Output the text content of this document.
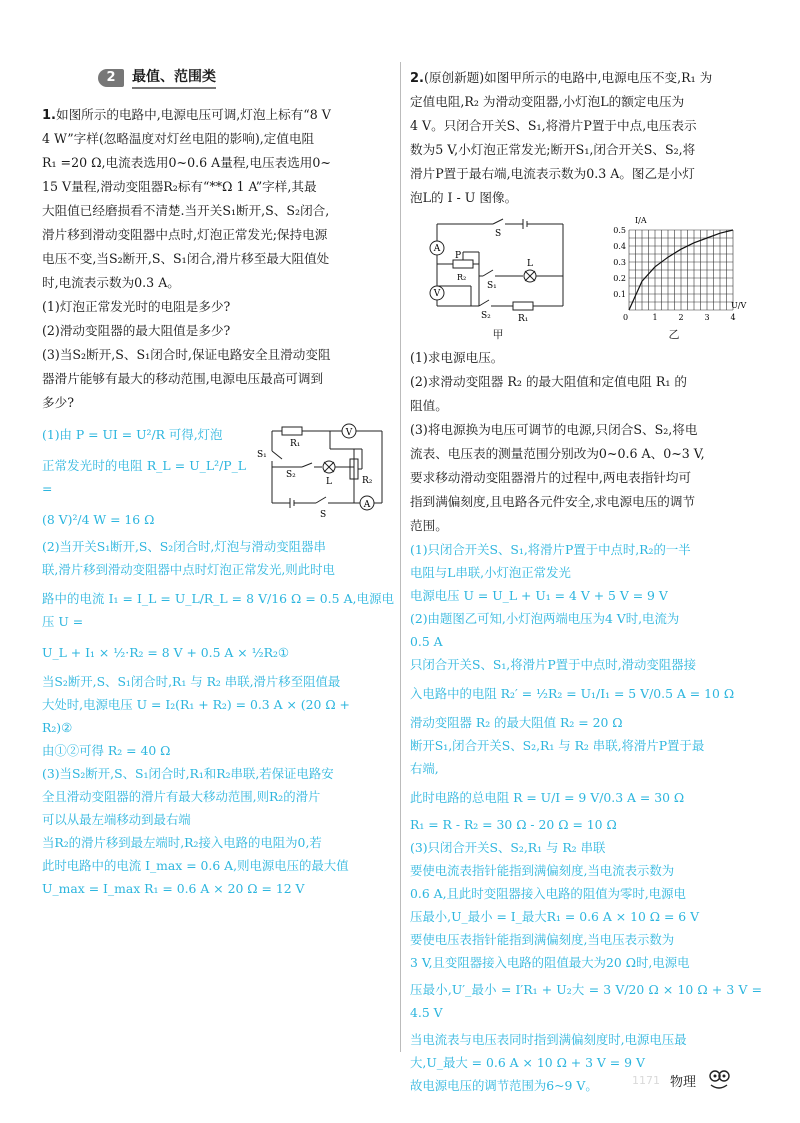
2	最值、范围类

1.如图所示的电路中,电源电压可调,灯泡上标有“8 V

4 W”字样(忽略温度对灯丝电阻的影响),定值电阻

R₁ =20 Ω,电流表选用0~0.6 A量程,电压表选用0~

15 V量程,滑动变阻器R₂标有“**Ω 1 A”字样,其最

大阻值已经磨损看不清楚.当开关S₁断开,S、S₂闭合,

滑片移到滑动变阻器中点时,灯泡正常发光;保持电源

电压不变,当S₂断开,S、S₁闭合,滑片移至最大阻值处

时,电流表示数为0.3 A。

(1)灯泡正常发光时的电阻是多少?

(2)滑动变阻器的最大阻值是多少?

(3)当S₂断开,S、S₁闭合时,保证电路安全且滑动变阻

器滑片能够有最大的移动范围,电源电压最高可调到

多少?

V
A
R₁
S₁
S₂
L	R₂
S

(1)由 P = UI = U²/R 可得,灯泡

正常发光时的电阻 R_L = U_L²/P_L =

(8 V)²/4 W = 16 Ω

(2)当开关S₁断开,S、S₂闭合时,灯泡与滑动变阻器串

联,滑片移到滑动变阻器中点时灯泡正常发光,则此时电

路中的电流 I₁ = I_L = U_L/R_L = 8 V/16 Ω = 0.5 A,电源电压 U =

U_L + I₁ × ½·R₂ = 8 V + 0.5 A × ½R₂①

当S₂断开,S、S₁闭合时,R₁ 与 R₂ 串联,滑片移至阻值最

大处时,电源电压 U = I₂(R₁ + R₂) = 0.3 A × (20 Ω +

R₂)②

由①②可得 R₂ = 40 Ω

(3)当S₂断开,S、S₁闭合时,R₁和R₂串联,若保证电路安

全且滑动变阻器的滑片有最大移动范围,则R₂的滑片

可以从最左端移动到最右端

当R₂的滑片移到最左端时,R₂接入电路的电阻为0,若

此时电路中的电流 I_max = 0.6 A,则电源电压的最大值

U_max = I_max R₁ = 0.6 A × 20 Ω = 12 V

2.(原创新题)如图甲所示的电路中,电源电压不变,R₁ 为

定值电阻,R₂ 为滑动变阻器,小灯泡L的额定电压为

4 V。只闭合开关S、S₁,将滑片P置于中点,电压表示

数为5 V,小灯泡正常发光;断开S₁,闭合开关S、S₂,将

滑片P置于最右端,电流表示数为0.3 A。图乙是小灯

泡L的 I - U 图像。

A
V
S
P
R₂
S₁
L
S₂	R₁
甲
1	2	3	4
0.1
0.2
0.3
0.4
0.5
I/A
U/V
0
乙

(1)求电源电压。

(2)求滑动变阻器 R₂ 的最大阻值和定值电阻 R₁ 的

阻值。

(3)将电源换为电压可调节的电源,只闭合S、S₂,将电

流表、电压表的测量范围分别改为0~0.6 A、0~3 V,

要求移动滑动变阻器滑片的过程中,两电表指针均可

指到满偏刻度,且电路各元件安全,求电源电压的调节

范围。

(1)只闭合开关S、S₁,将滑片P置于中点时,R₂的一半

电阻与L串联,小灯泡正常发光

电源电压 U = U_L + U₁ = 4 V + 5 V = 9 V

(2)由题图乙可知,小灯泡两端电压为4 V时,电流为

0.5 A

只闭合开关S、S₁,将滑片P置于中点时,滑动变阻器接

入电路中的电阻 R₂′ = ½R₂ = U₁/I₁ = 5 V/0.5 A = 10 Ω

滑动变阻器 R₂ 的最大阻值 R₂ = 20 Ω

断开S₁,闭合开关S、S₂,R₁ 与 R₂ 串联,将滑片P置于最

右端,

此时电路的总电阻 R = U/I = 9 V/0.3 A = 30 Ω

R₁ = R - R₂ = 30 Ω - 20 Ω = 10 Ω

(3)只闭合开关S、S₂,R₁ 与 R₂ 串联

要使电流表指针能指到满偏刻度,当电流表示数为

0.6 A,且此时变阻器接入电路的阻值为零时,电源电

压最小,U_最小 = I_最大R₁ = 0.6 A × 10 Ω = 6 V

要使电压表指针能指到满偏刻度,当电压表示数为

3 V,且变阻器接入电路的阻值最大为20 Ω时,电源电

压最小,U′_最小 = I′R₁ + U₂大 = 3 V/20 Ω × 10 Ω + 3 V = 4.5 V

当电流表与电压表同时指到满偏刻度时,电源电压最

大,U_最大 = 0.6 A × 10 Ω + 3 V = 9 V

故电源电压的调节范围为6~9 V。	1171 物理
